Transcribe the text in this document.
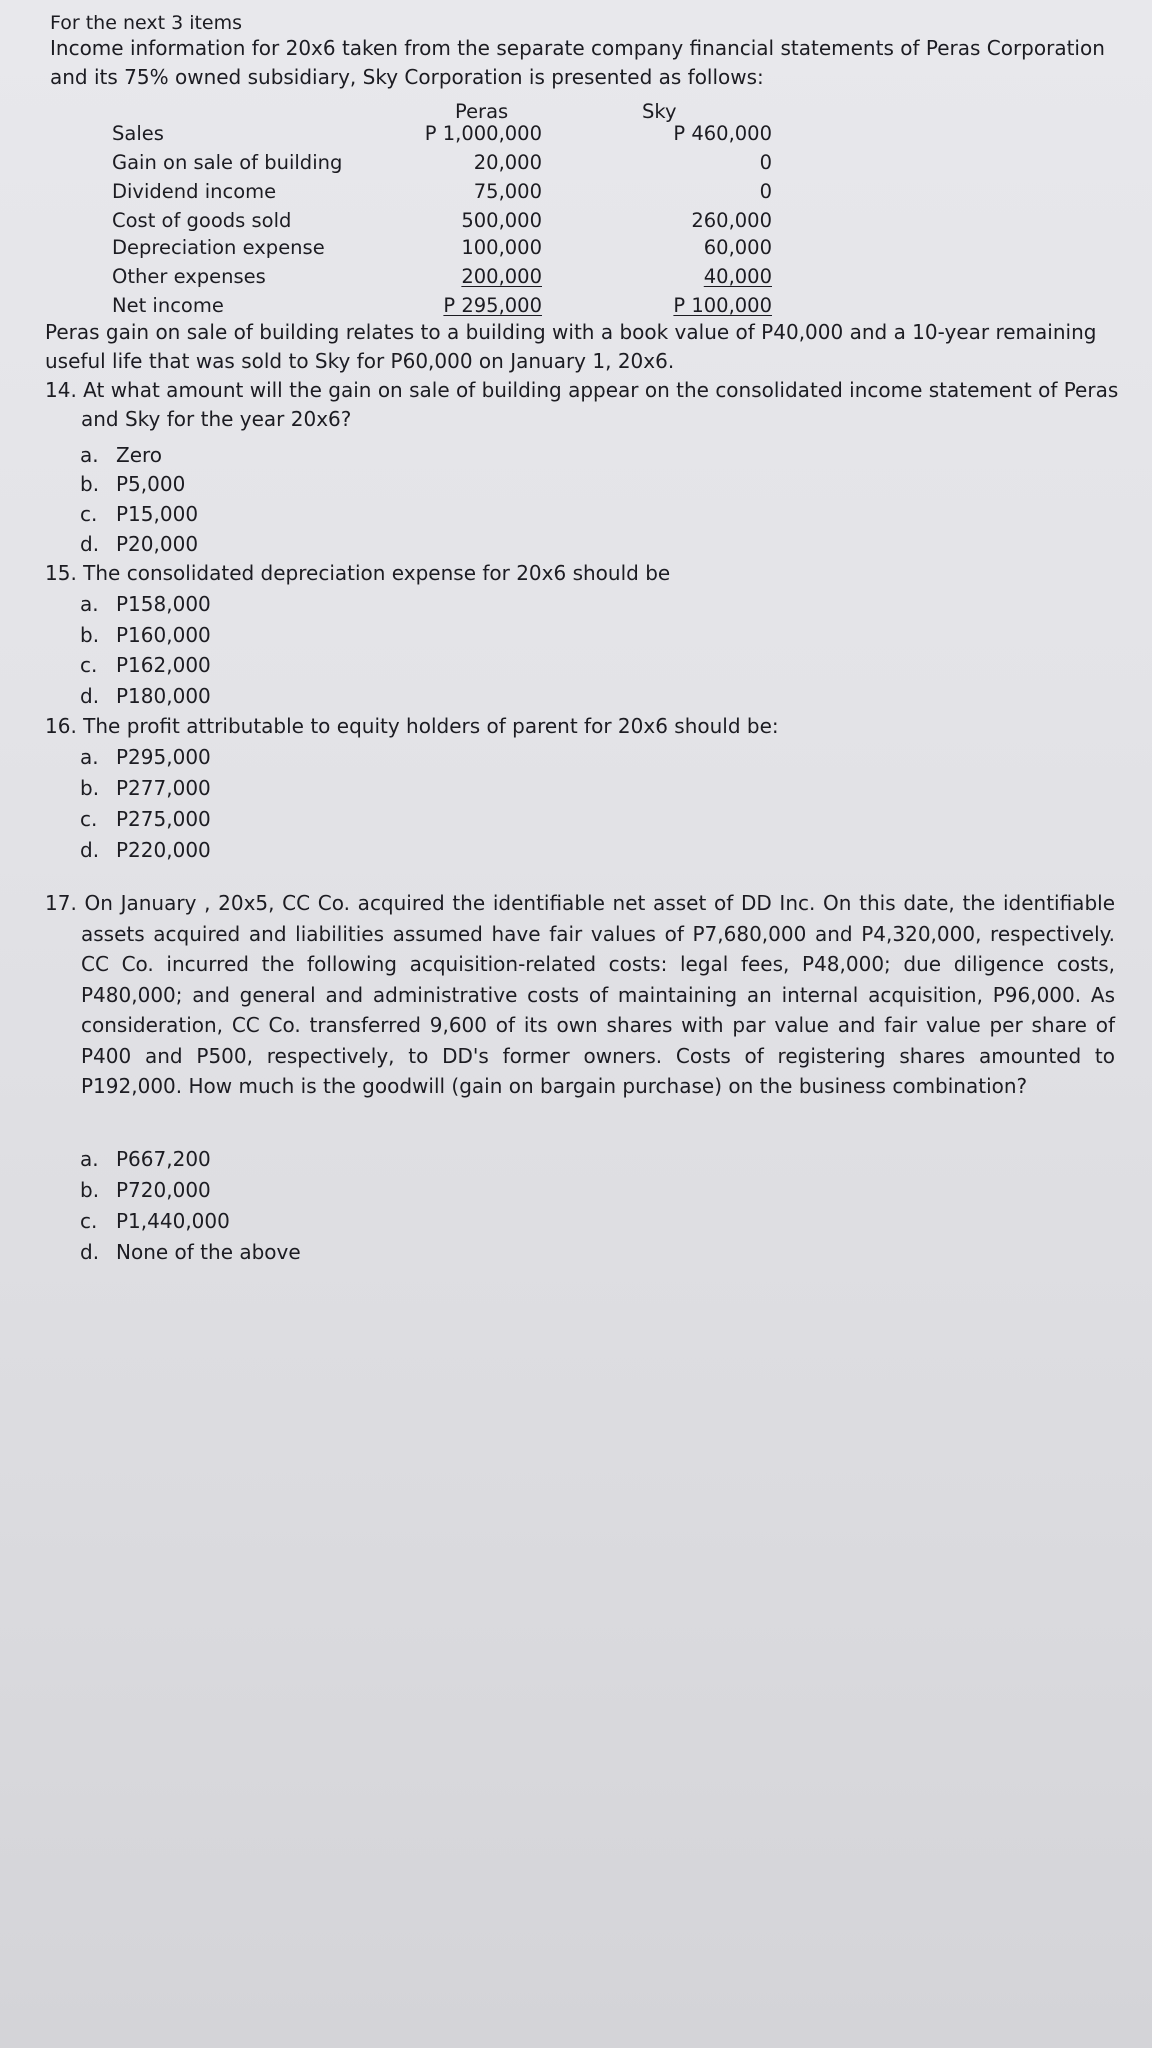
For the next 3 items
Income information for 20x6 taken from the separate company financial statements of Peras Corporation and its 75% owned subsidiary, Sky Corporation is presented as follows:
Peras	Sky
Sales	P 1,000,000	P 460,000
Gain on sale of building	20,000	0
Dividend income	75,000	0
Cost of goods sold	500,000	260,000
Depreciation expense	100,000	60,000
Other expenses	200,000	40,000
Net income	P 295,000	P 100,000
Peras gain on sale of building relates to a building with a book value of P40,000 and a 10-year remaining useful life that was sold to Sky for P60,000 on January 1, 20x6.
14. At what amount will the gain on sale of building appear on the consolidated income statement of Peras and Sky for the year 20x6?
a. Zero
b. P5,000
c. P15,000
d. P20,000
15. The consolidated depreciation expense for 20x6 should be
a. P158,000
b. P160,000
c. P162,000
d. P180,000
16. The profit attributable to equity holders of parent for 20x6 should be:
a. P295,000
b. P277,000
c. P275,000
d. P220,000
17. On January , 20x5, CC Co. acquired the identifiable net asset of DD Inc. On this date, the identifiable assets acquired and liabilities assumed have fair values of P7,680,000 and P4,320,000, respectively. CC Co. incurred the following acquisition-related costs: legal fees, P48,000; due diligence costs, P480,000; and general and administrative costs of maintaining an internal acquisition, P96,000. As consideration, CC Co. transferred 9,600 of its own shares with par value and fair value per share of P400 and P500, respectively, to DD's former owners. Costs of registering shares amounted to P192,000. How much is the goodwill (gain on bargain purchase) on the business combination?
a. P667,200
b. P720,000
c. P1,440,000
d. None of the above
